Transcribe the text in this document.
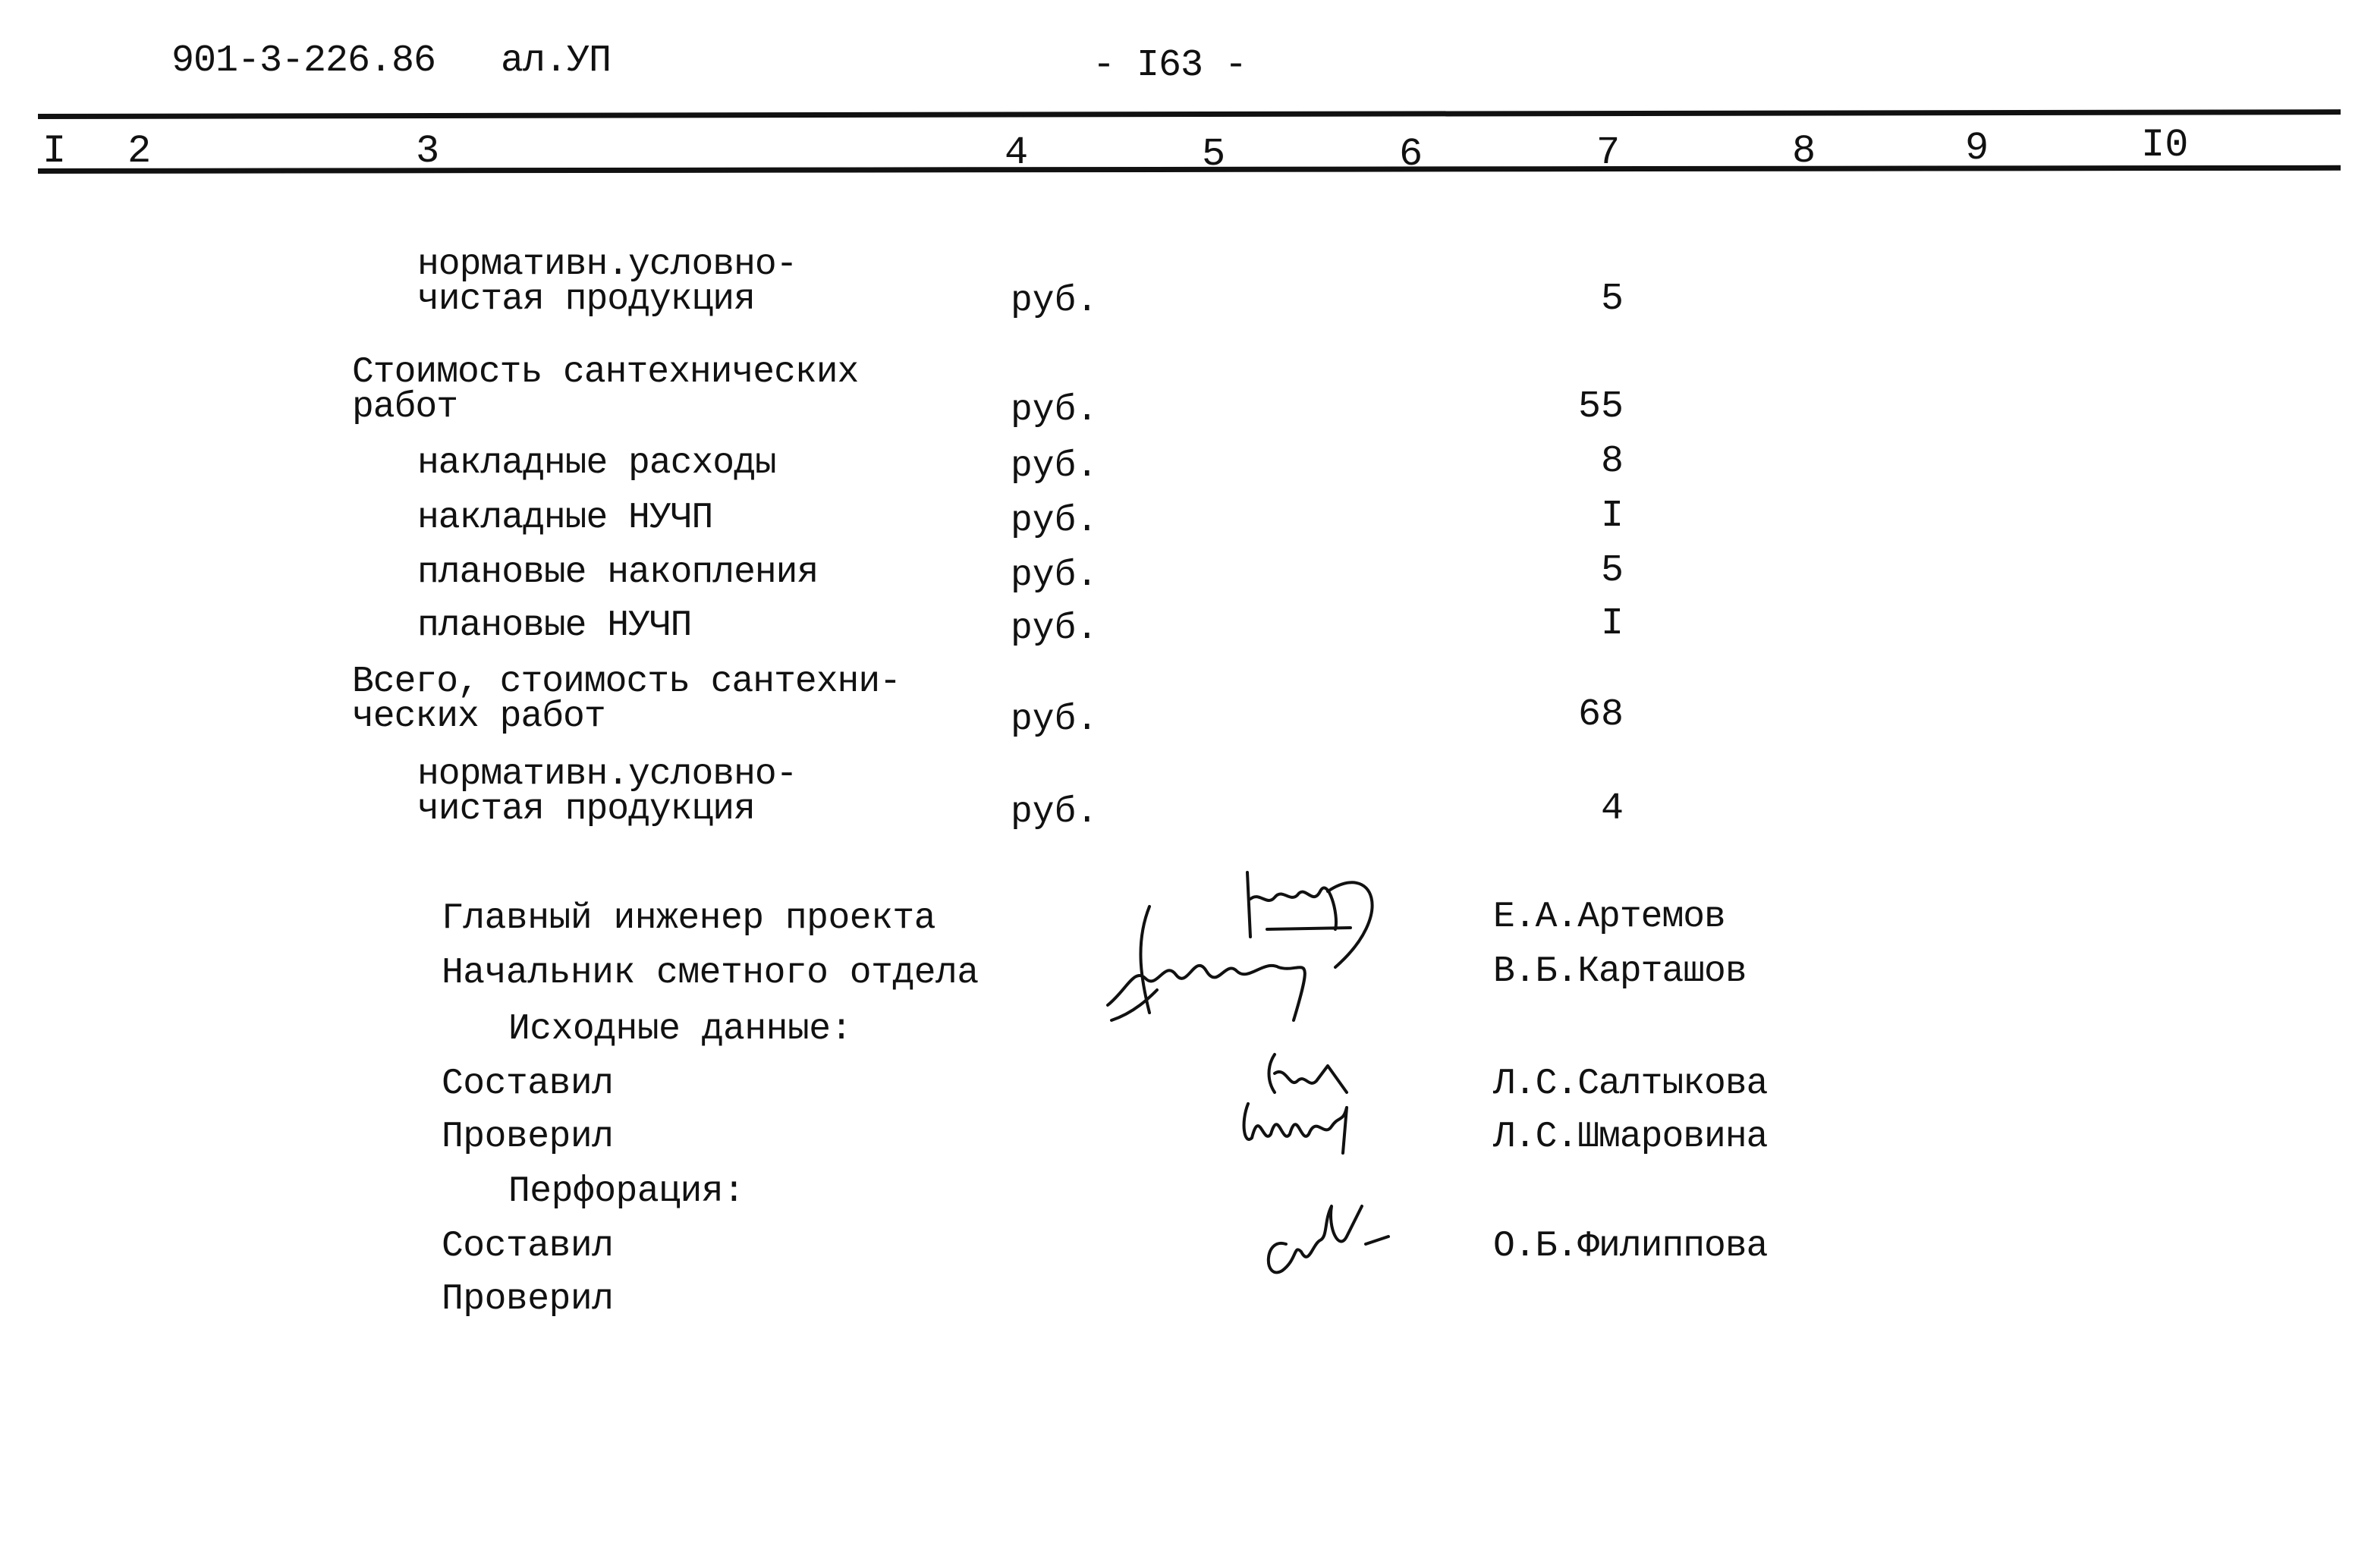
901-3-226.86 ал.УП	- I63 -
I 2	3	4	5	6	7	8	9	I0
нормативн.условно-
чистая продукция	руб.	5
Стоимость сантехнических
работ	руб.	55
накладные расходы	руб.	8
накладные НУЧП	руб.	I
плановые накопления	руб.	5
плановые НУЧП	руб.	I
Всего, стоимость сантехни-
ческих работ	руб.	68
нормативн.условно-
чистая продукция	руб.	4
Главный инженер проекта	Е.А.Артемов
Начальник сметного отдела	В.Б.Карташов
Исходные данные:
Составил	Л.С.Салтыкова
Проверил	Л.С.Шмаровина
Перфорация:
Составил	О.Б.Филиппова
Проверил
